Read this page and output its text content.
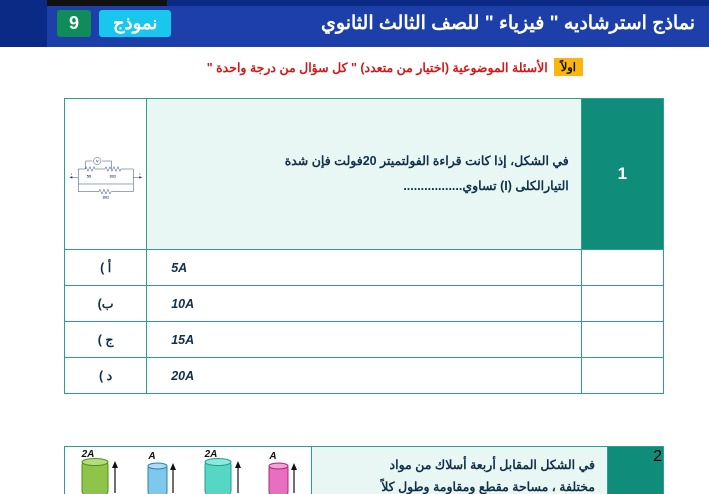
نماذج استرشاديه " فيزياء " للصف الثالث الثانوي
نموذج
9
اولاً
الأسئلة الموضوعية (اختيار من متعدد) " كل سؤال من درجة واحدة "
1	
في الشكل، إذا كانت قراءة الفولتميتر 20فولت فإن شدة
التيارالكلى (I) تساوي.................

V
5Ω 10Ω
10Ω
I	I

	5A	أ )
	10A	ب)
	15A	ج )
	20A	د )
2	
في الشكل المقابل أربعة أسلاك من مواد
مختلفة ، مساحة مقطع ومقاومة وطول كلاً

2A	A	2A	A
